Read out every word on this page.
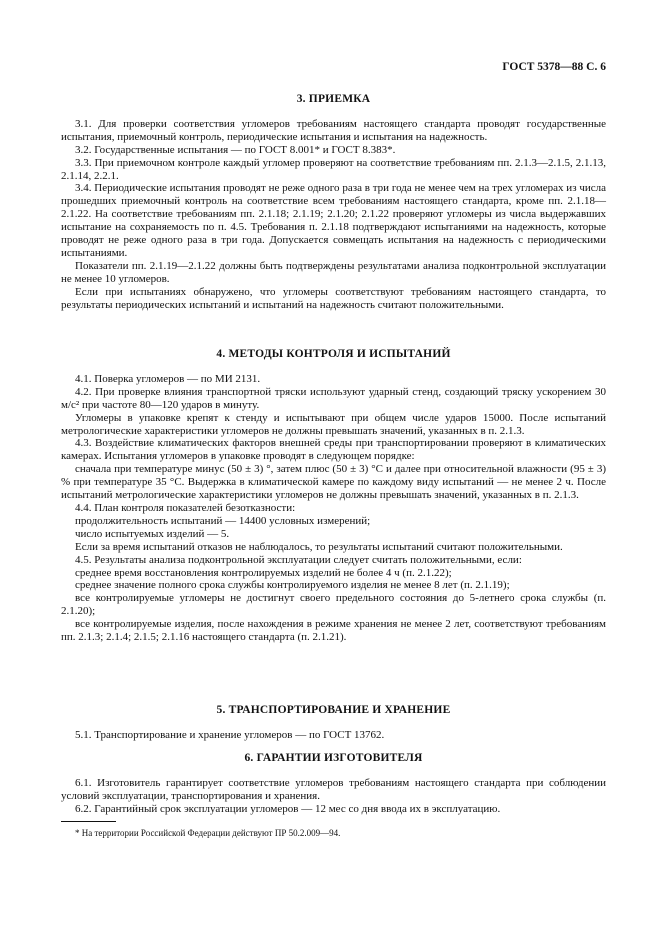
ГОСТ 5378—88 С. 6
3. ПРИЕМКА

3.1. Для проверки соответствия угломеров требованиям настоящего стандарта проводят государственные испытания, приемочный контроль, периодические испытания и испытания на надежность.

3.2. Государственные испытания — по ГОСТ 8.001* и ГОСТ 8.383*.

3.3. При приемочном контроле каждый угломер проверяют на соответствие требованиям пп. 2.1.3—2.1.5, 2.1.13, 2.1.14, 2.2.1.

3.4. Периодические испытания проводят не реже одного раза в три года не менее чем на трех угломерах из числа прошедших приемочный контроль на соответствие всем требованиям настоящего стандарта, кроме пп. 2.1.18—2.1.22. На соответствие требованиям пп. 2.1.18; 2.1.19; 2.1.20; 2.1.22 проверяют угломеры из числа выдержавших испытание на сохраняемость по п. 4.5. Требования п. 2.1.18 подтверждают испытаниями на надежность, которые проводят не реже одного раза в три года. Допускается совмещать испытания на надежность с периодическими испытаниями.

Показатели пп. 2.1.19—2.1.22 должны быть подтверждены результатами анализа подконтрольной эксплуатации не менее 10 угломеров.

Если при испытаниях обнаружено, что угломеры соответствуют требованиям настоящего стандарта, то результаты периодических испытаний и испытаний на надежность считают положительными.

4. МЕТОДЫ КОНТРОЛЯ И ИСПЫТАНИЙ

4.1. Поверка угломеров — по МИ 2131.

4.2. При проверке влияния транспортной тряски используют ударный стенд, создающий тряску ускорением 30 м/с² при частоте 80—120 ударов в минуту.

Угломеры в упаковке крепят к стенду и испытывают при общем числе ударов 15000. После испытаний метрологические характеристики угломеров не должны превышать значений, указанных в п. 2.1.3.

4.3. Воздействие климатических факторов внешней среды при транспортировании проверяют в климатических камерах. Испытания угломеров в упаковке проводят в следующем порядке:

сначала при температуре минус (50 ± 3) °, затем плюс (50 ± 3) °С и далее при относительной влажности (95 ± 3) % при температуре 35 °С. Выдержка в климатической камере по каждому виду испытаний — не менее 2 ч. После испытаний метрологические характеристики угломеров не должны превышать значений, указанных в п. 2.1.3.

4.4. План контроля показателей безотказности:

продолжительность испытаний — 14400 условных измерений;

число испытуемых изделий — 5.

Если за время испытаний отказов не наблюдалось, то результаты испытаний считают положительными.

4.5. Результаты анализа подконтрольной эксплуатации следует считать положительными, если:

среднее время восстановления контролируемых изделий не более 4 ч (п. 2.1.22);

среднее значение полного срока службы контролируемого изделия не менее 8 лет (п. 2.1.19);

все контролируемые угломеры не достигнут своего предельного состояния до 5-летнего срока службы (п. 2.1.20);

все контролируемые изделия, после нахождения в режиме хранения не менее 2 лет, соответствуют требованиям пп. 2.1.3; 2.1.4; 2.1.5; 2.1.16 настоящего стандарта (п. 2.1.21).

5. ТРАНСПОРТИРОВАНИЕ И ХРАНЕНИЕ

5.1. Транспортирование и хранение угломеров — по ГОСТ 13762.

6. ГАРАНТИИ ИЗГОТОВИТЕЛЯ

6.1. Изготовитель гарантирует соответствие угломеров требованиям настоящего стандарта при соблюдении условий эксплуатации, транспортирования и хранения.

6.2. Гарантийный срок эксплуатации угломеров — 12 мес со дня ввода их в эксплуатацию.

* На территории Российской Федерации действуют ПР 50.2.009—94.
